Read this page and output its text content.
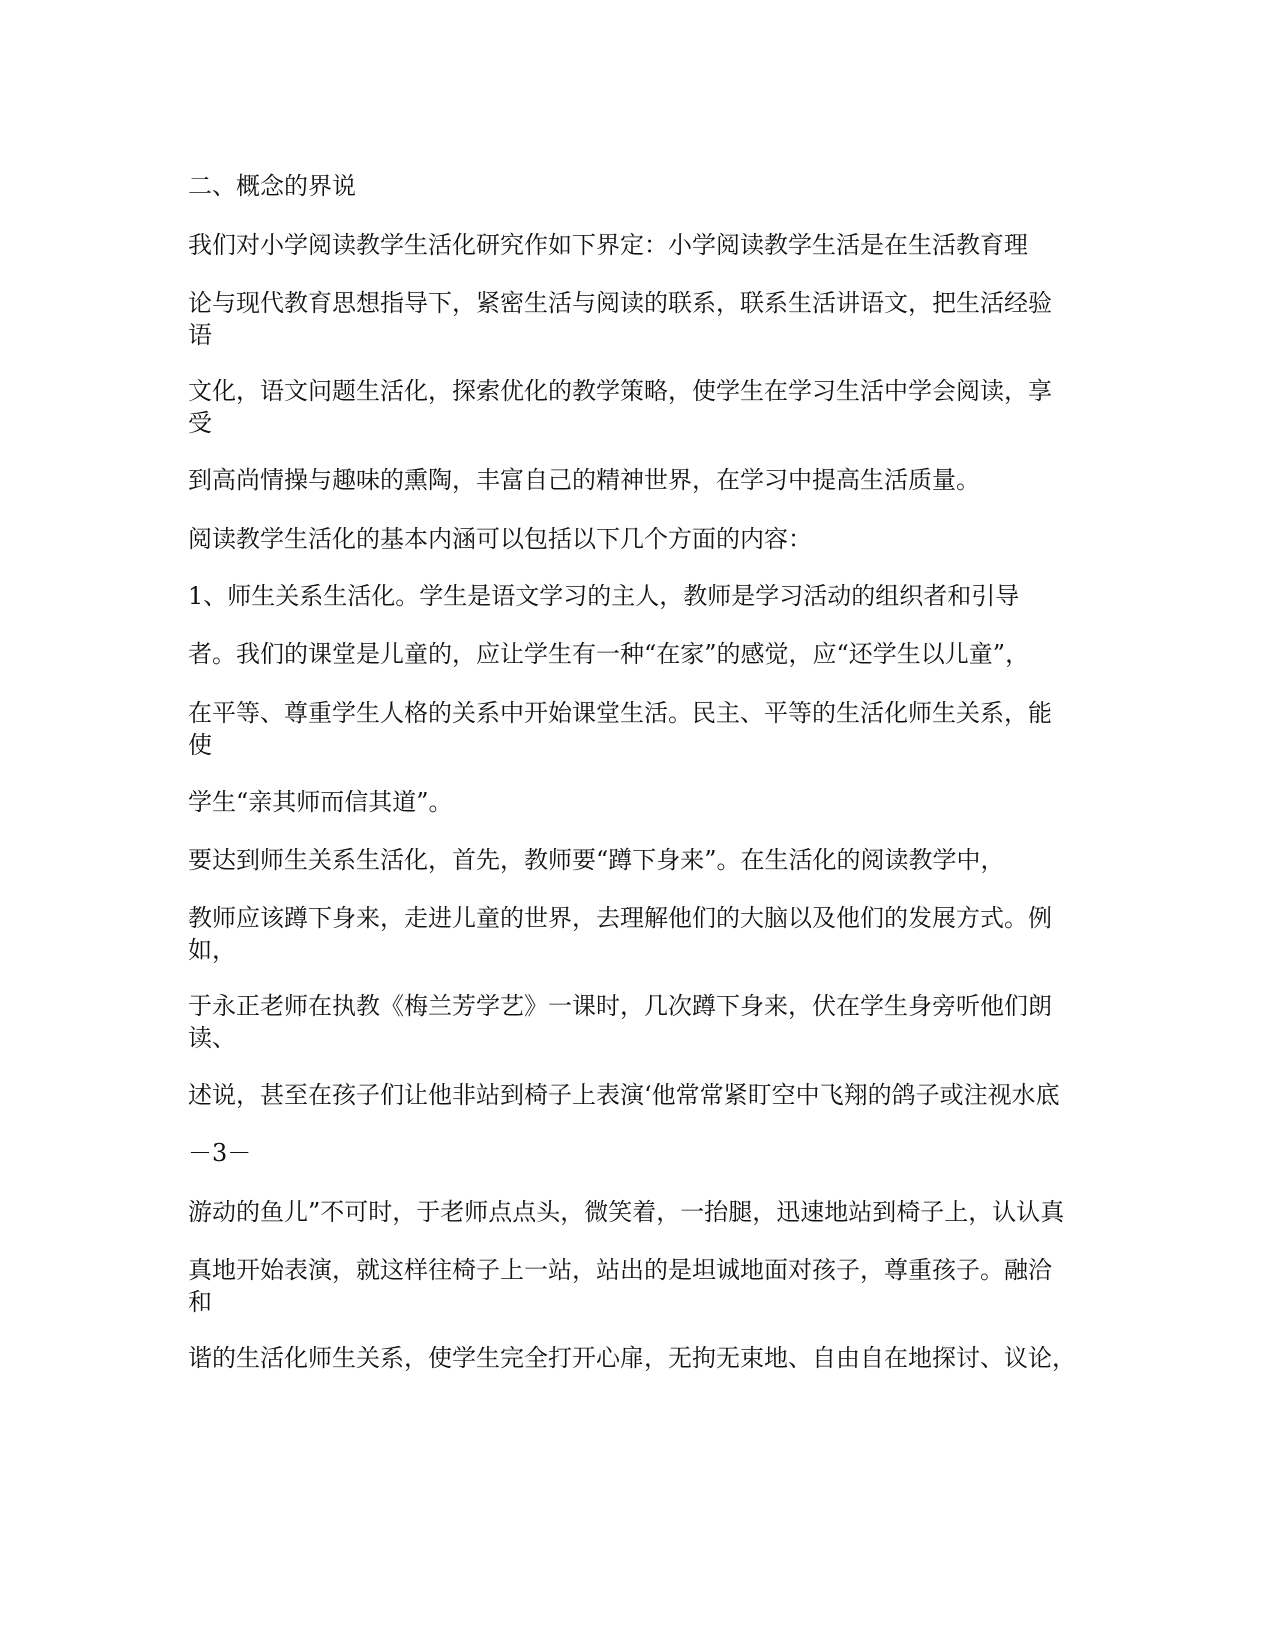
二、概念的界说
我们对小学阅读教学生活化研究作如下界定：小学阅读教学生活是在生活教育理
论与现代教育思想指导下，紧密生活与阅读的联系，联系生活讲语文，把生活经验
语
文化，语文问题生活化，探索优化的教学策略，使学生在学习生活中学会阅读，享
受
到高尚情操与趣味的熏陶，丰富自己的精神世界，在学习中提高生活质量。
阅读教学生活化的基本内涵可以包括以下几个方面的内容：
1、师生关系生活化。学生是语文学习的主人，教师是学习活动的组织者和引导
者。我们的课堂是儿童的，应让学生有一种“在家”的感觉，应“还学生以儿童”，
在平等、尊重学生人格的关系中开始课堂生活。民主、平等的生活化师生关系，能
使
学生“亲其师而信其道”。
要达到师生关系生活化，首先，教师要“蹲下身来”。在生活化的阅读教学中，
教师应该蹲下身来，走进儿童的世界，去理解他们的大脑以及他们的发展方式。例
如，
于永正老师在执教《梅兰芳学艺》一课时，几次蹲下身来，伏在学生身旁听他们朗
读、
述说，甚至在孩子们让他非站到椅子上表演‘他常常紧盯空中飞翔的鸽子或注视水底
－3－
游动的鱼儿”不可时，于老师点点头，微笑着，一抬腿，迅速地站到椅子上，认认真
真地开始表演，就这样往椅子上一站，站出的是坦诚地面对孩子，尊重孩子。融洽
和
谐的生活化师生关系，使学生完全打开心扉，无拘无束地、自由自在地探讨、议论，
